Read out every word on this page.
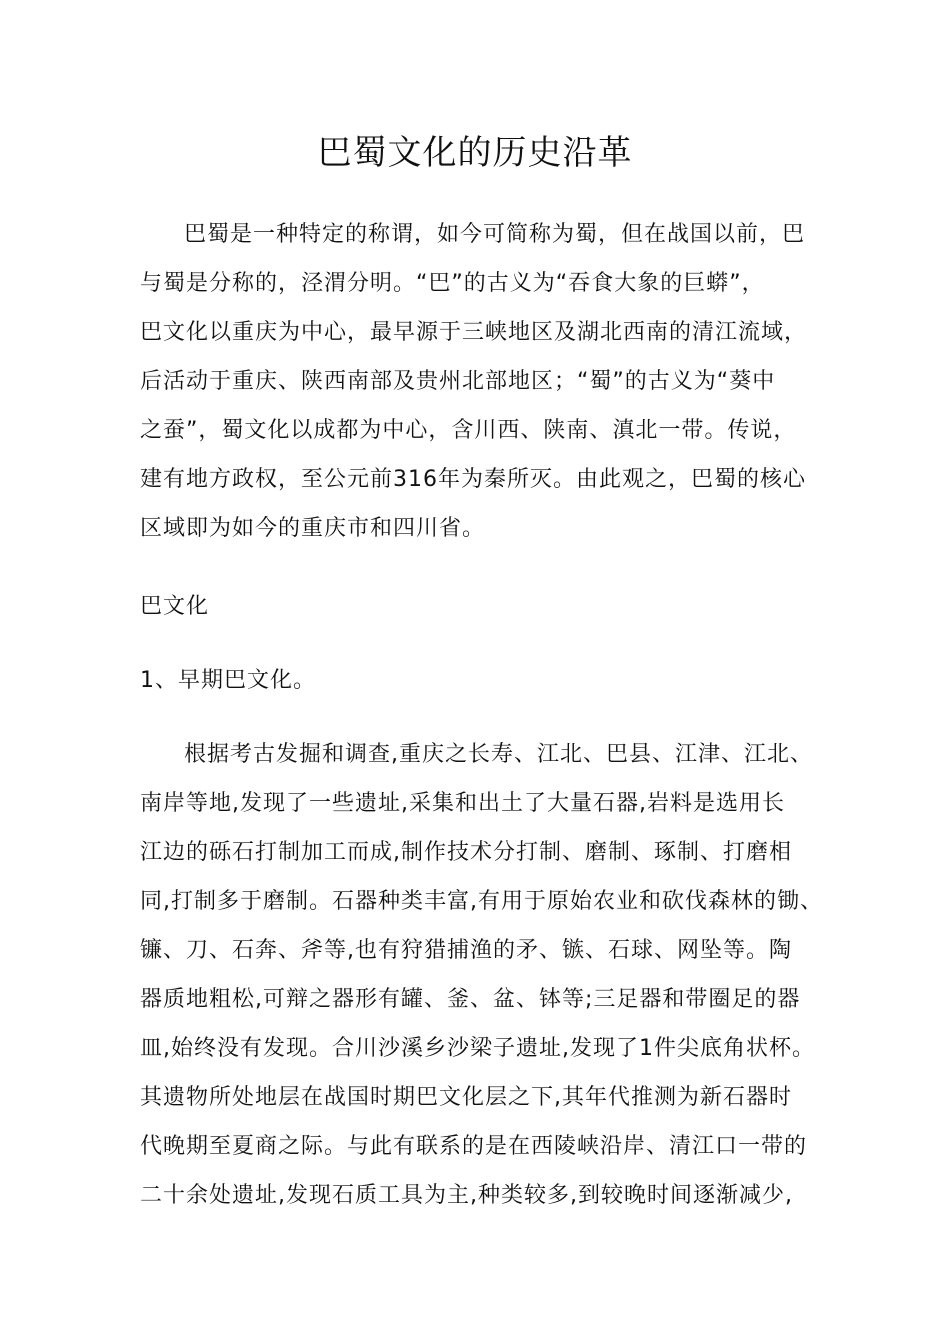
巴蜀文化的历史沿革

巴蜀是一种特定的称谓，如今可简称为蜀，但在战国以前，巴
与蜀是分称的，泾渭分明。“巴”的古义为“吞食大象的巨蟒”，
巴文化以重庆为中心，最早源于三峡地区及湖北西南的清江流域，
后活动于重庆、陕西南部及贵州北部地区；“蜀”的古义为“葵中
之蚕”，蜀文化以成都为中心，含川西、陕南、滇北一带。传说，
建有地方政权，至公元前316年为秦所灭。由此观之，巴蜀的核心
区域即为如今的重庆市和四川省。

巴文化

1、早期巴文化。

根据考古发掘和调查,重庆之长寿、江北、巴县、江津、江北、
南岸等地,发现了一些遗址,采集和出土了大量石器,岩料是选用长
江边的砾石打制加工而成,制作技术分打制、磨制、琢制、打磨相
同,打制多于磨制。石器种类丰富,有用于原始农业和砍伐森林的锄、
镰、刀、石奔、斧等,也有狩猎捕渔的矛、镞、石球、网坠等。陶
器质地粗松,可辩之器形有罐、釜、盆、钵等;三足器和带圈足的器
皿,始终没有发现。合川沙溪乡沙梁子遗址,发现了1件尖底角状杯。
其遗物所处地层在战国时期巴文化层之下,其年代推测为新石器时
代晚期至夏商之际。与此有联系的是在西陵峡沿岸、清江口一带的
二十余处遗址,发现石质工具为主,种类较多,到较晚时间逐渐减少,
